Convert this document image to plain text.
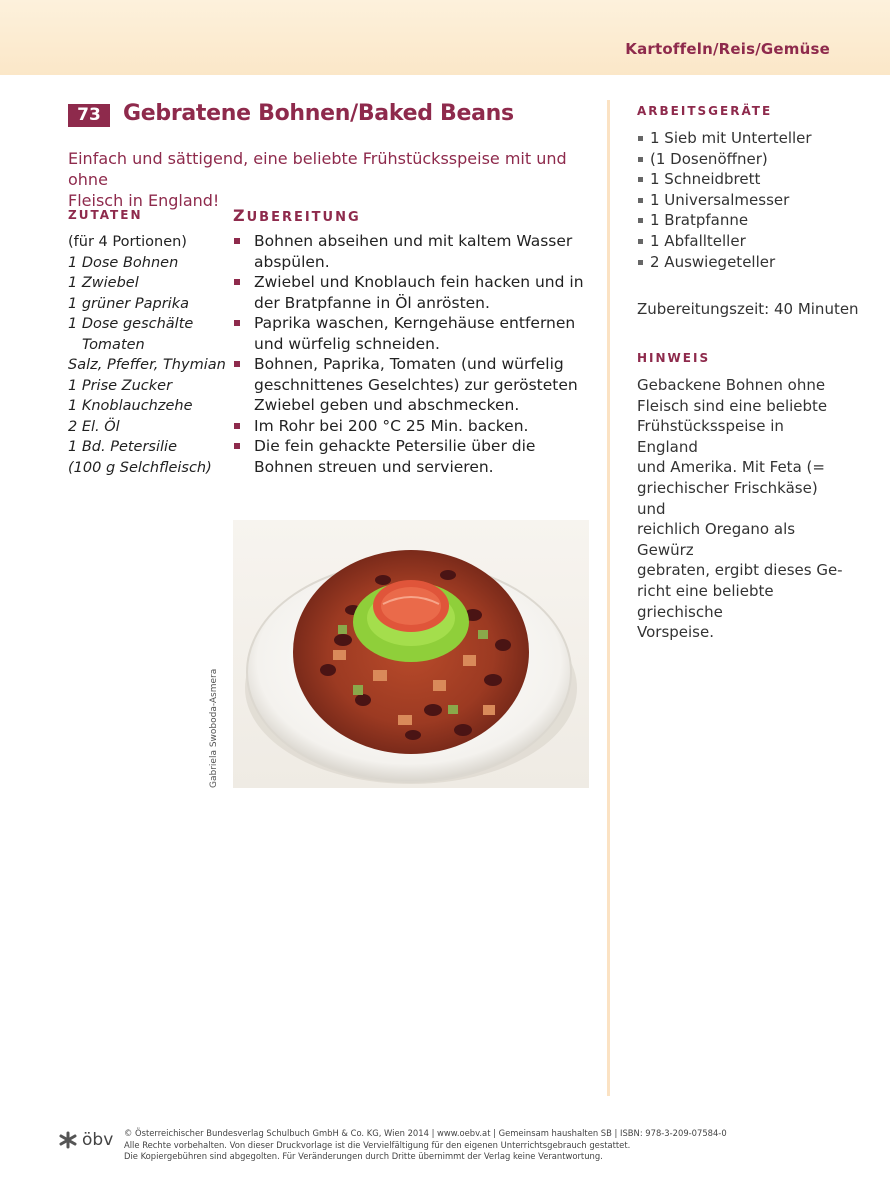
Kartoffeln/Reis/Gemüse
73	Gebratene Bohnen/Baked Beans
Einfach und sättigend, eine beliebte Frühstücksspeise mit und ohne
Fleisch in England!
ZUTATEN
(für 4 Portionen)
1 Dose Bohnen
1 Zwiebel
1 grüner Paprika
1 Dose geschälte
Tomaten
Salz, Pfeffer, Thymian
1 Prise Zucker
1 Knoblauchzehe
2 El. Öl
1 Bd. Petersilie
(100 g Selchfleisch)
ZUBEREITUNG
Bohnen abseihen und mit kaltem Wasser abspülen.
Zwiebel und Knoblauch fein hacken und in der Bratpfanne in Öl anrösten.
Paprika waschen, Kerngehäuse entfernen und würfelig schneiden.
Bohnen, Paprika, Tomaten (und würfelig geschnittenes Geselchtes) zur gerösteten Zwiebel geben und abschmecken.
Im Rohr bei 200 °C 25 Min. backen.
Die fein gehackte Petersilie über die Bohnen streuen und servieren.
Gabriela Swoboda-Asmera
ARBEITSGERÄTE
1 Sieb mit Unterteller
(1 Dosenöffner)
1 Schneidbrett
1 Universalmesser
1 Bratpfanne
1 Abfallteller
2 Auswiegeteller
Zubereitungszeit: 40 Minuten
HINWEIS
Gebackene Bohnen ohne
Fleisch sind eine beliebte
Frühstücksspeise in England
und Amerika. Mit Feta (=
griechischer Frischkäse) und
reichlich Oregano als Gewürz
gebraten, ergibt dieses Ge-
richt eine beliebte griechische
Vorspeise.
öbv © Österreichischer Bundesverlag Schulbuch GmbH & Co. KG, Wien 2014 | www.oebv.at | Gemeinsam haushalten SB | ISBN: 978-3-209-07584-0
Alle Rechte vorbehalten. Von dieser Druckvorlage ist die Vervielfältigung für den eigenen Unterrichtsgebrauch gestattet.
Die Kopiergebühren sind abgegolten. Für Veränderungen durch Dritte übernimmt der Verlag keine Verantwortung.
